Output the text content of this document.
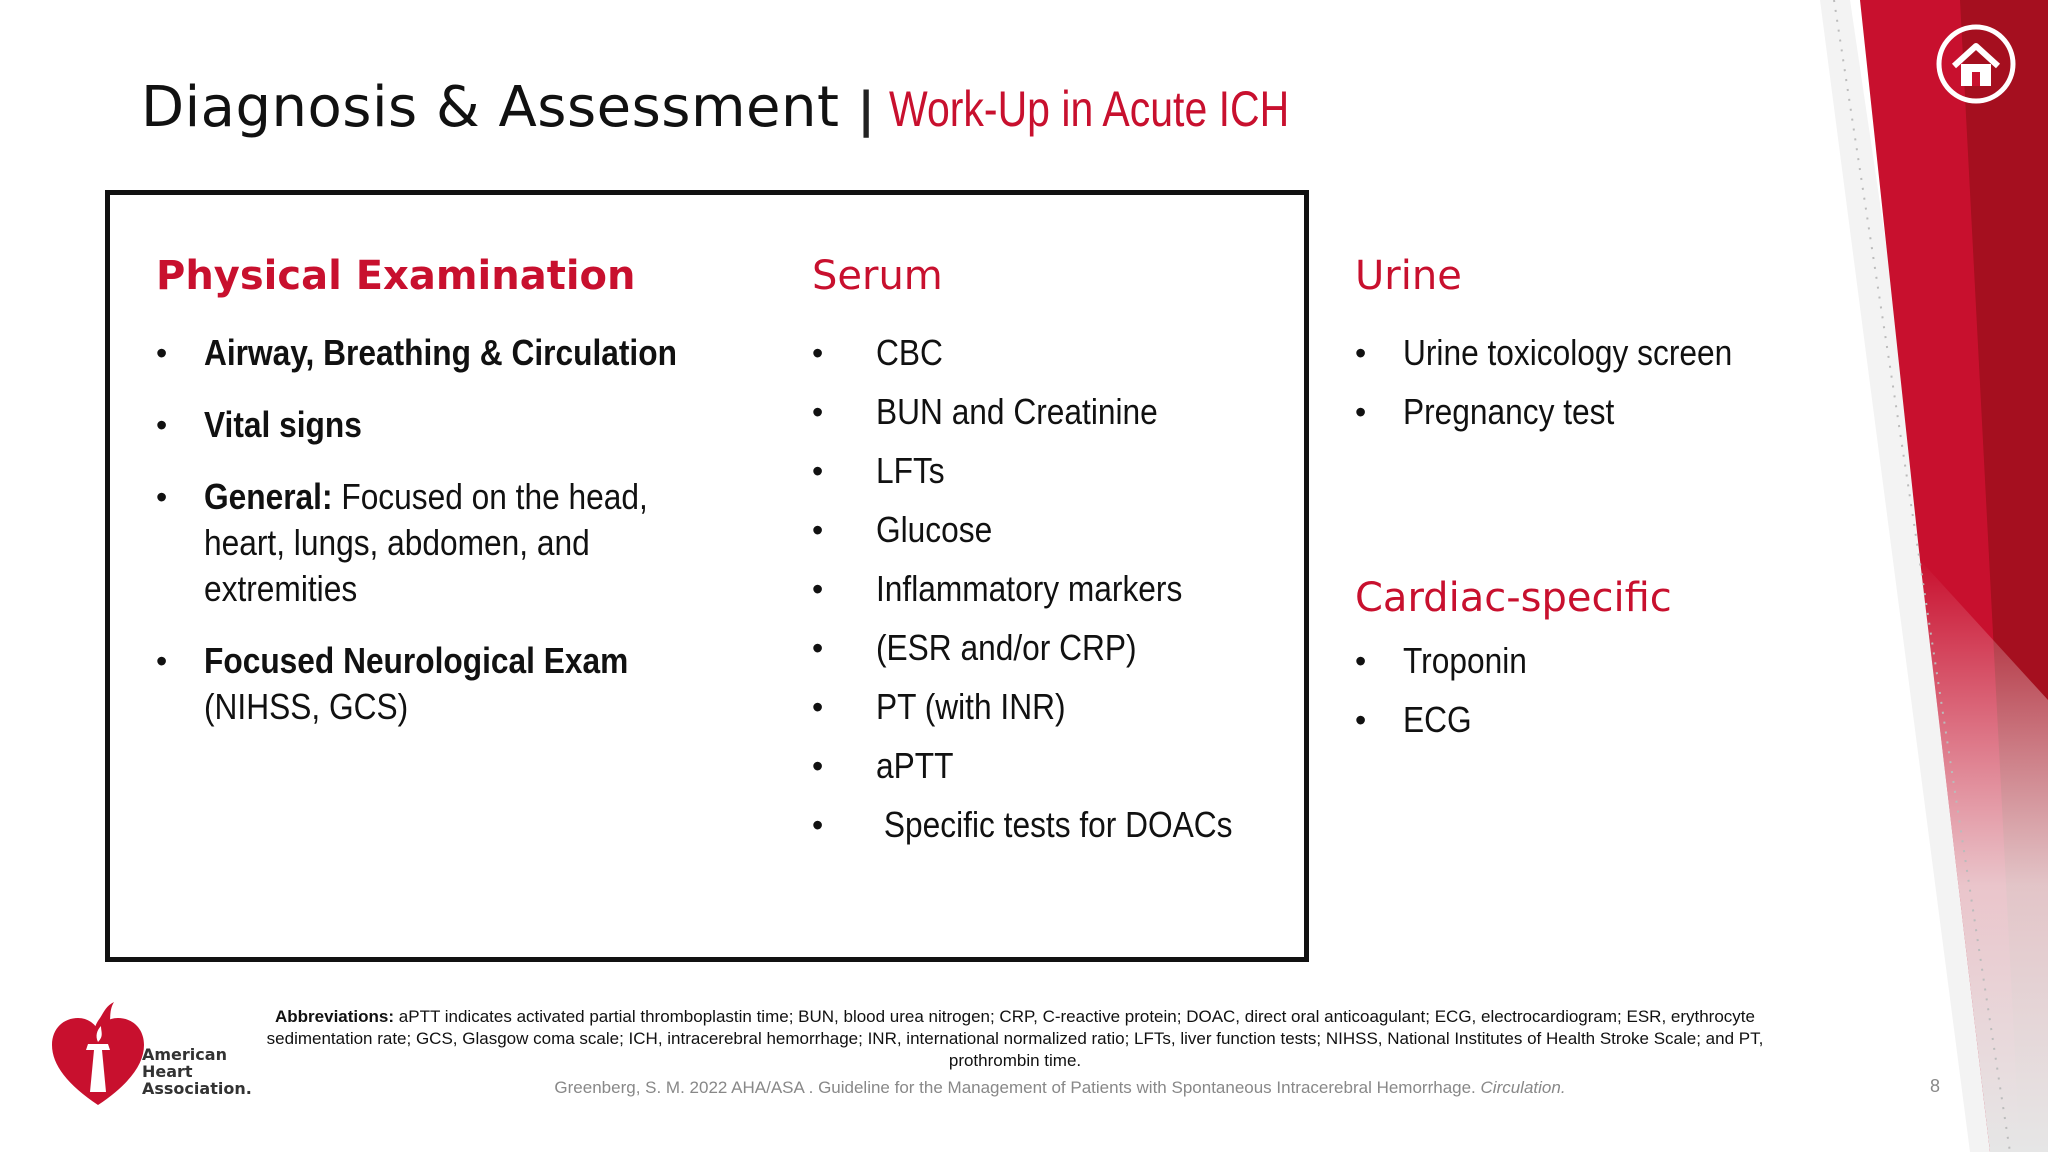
Diagnosis & Assessment | Work-Up in Acute ICH
Physical Examination
• Airway, Breathing & Circulation
• Vital signs
• General: Focused on the head,
heart, lungs, abdomen, and
extremities
• Focused Neurological Exam
(NIHSS, GCS)
Serum
• CBC
• BUN and Creatinine
• LFTs
• Glucose
• Inflammatory markers
• (ESR and/or CRP)
• PT (with INR)
• aPTT
• Specific tests for DOACs
Urine
• Urine toxicology screen
• Pregnancy test
Cardiac-specific
• Troponin
• ECG
Abbreviations: aPTT indicates activated partial thromboplastin time; BUN, blood urea nitrogen; CRP, C-reactive protein; DOAC, direct oral anticoagulant; ECG, electrocardiogram; ESR, erythrocyte sedimentation rate; GCS, Glasgow coma scale; ICH, intracerebral hemorrhage; INR, international normalized ratio; LFTs, liver function tests; NIHSS, National Institutes of Health Stroke Scale; and PT, prothrombin time.
Greenberg, S. M. 2022 AHA/ASA . Guideline for the Management of Patients with Spontaneous Intracerebral Hemorrhage. Circulation.	8
American
Heart
Association.
